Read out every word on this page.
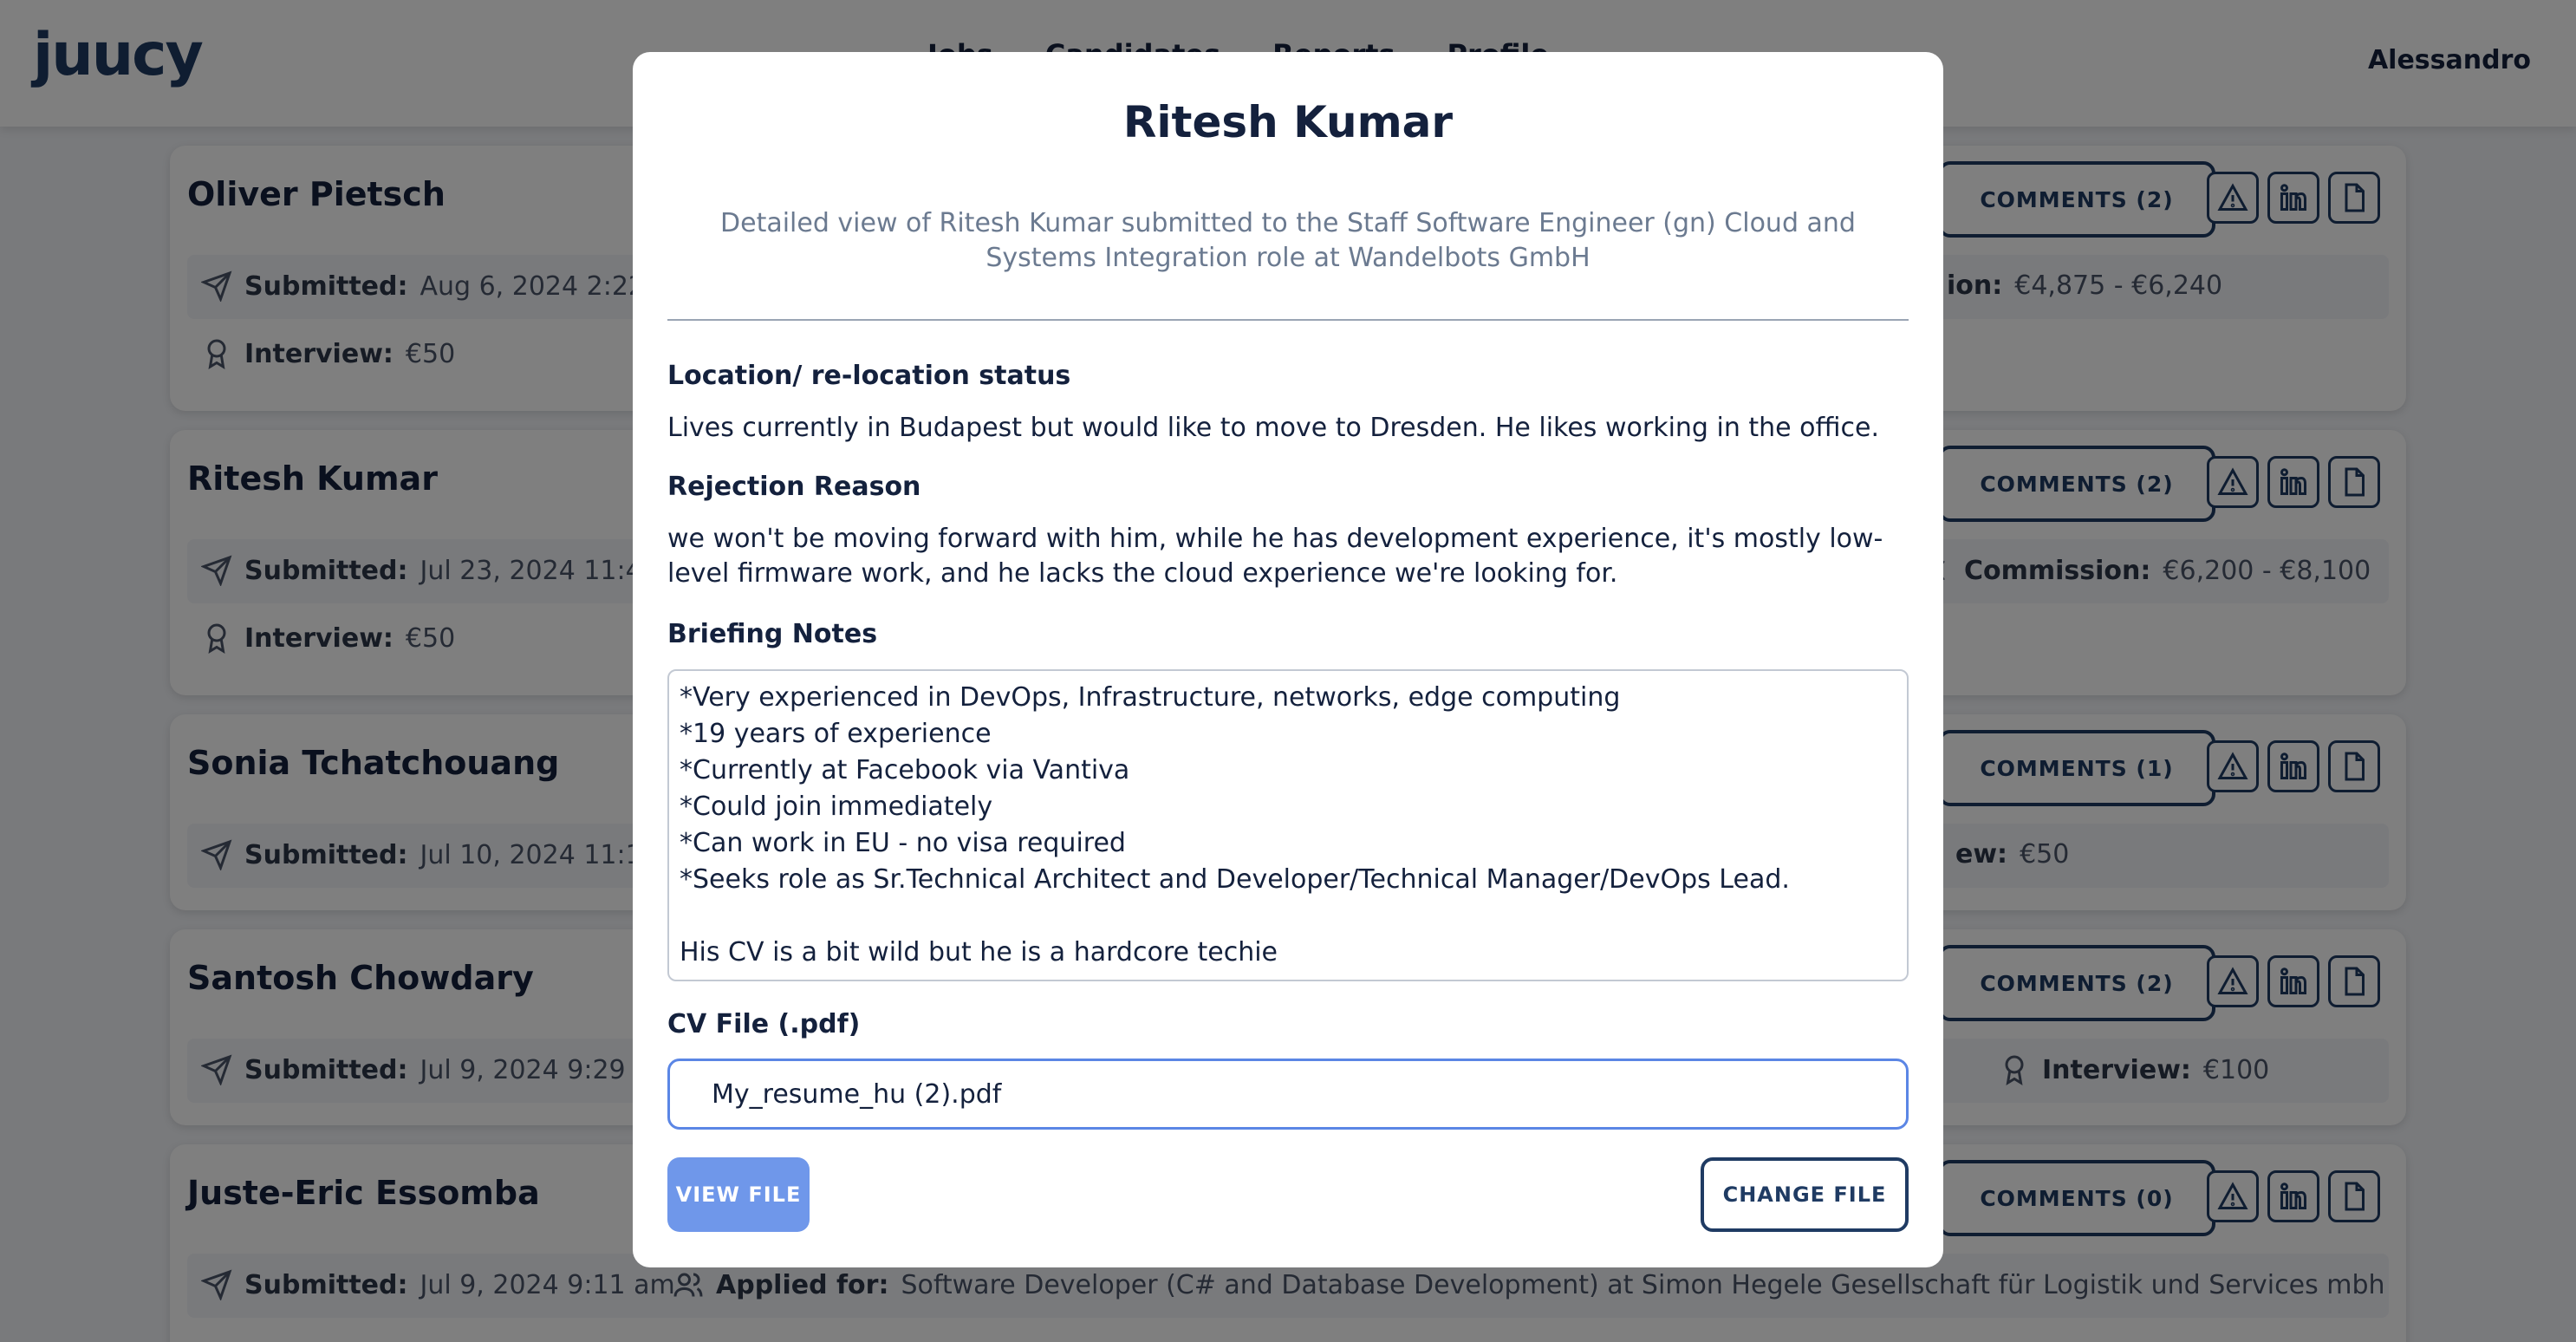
Ritesh Kumar
Detailed view of Ritesh Kumar submitted to the Staff Software Engineer (gn) Cloud and Systems Integration role at Wandelbots GmbH
Location/ re-location status
Lives currently in Budapest but would like to move to Dresden. He likes working in the office.
Rejection Reason
we won't be moving forward with him, while he has development experience, it's mostly low-level firmware work, and he lacks the cloud experience we're looking for.
Briefing Notes
*Very experienced in DevOps, Infrastructure, networks, edge computing
*19 years of experience
*Currently at Facebook via Vantiva
*Could join immediately
*Can work in EU - no visa required
*Seeks role as Sr.Technical Architect and Developer/Technical Manager/DevOps Lead.

His CV is a bit wild but he is a hardcore techie
CV File (.pdf)
My_resume_hu (2).pdf
VIEW FILE	CHANGE FILE
